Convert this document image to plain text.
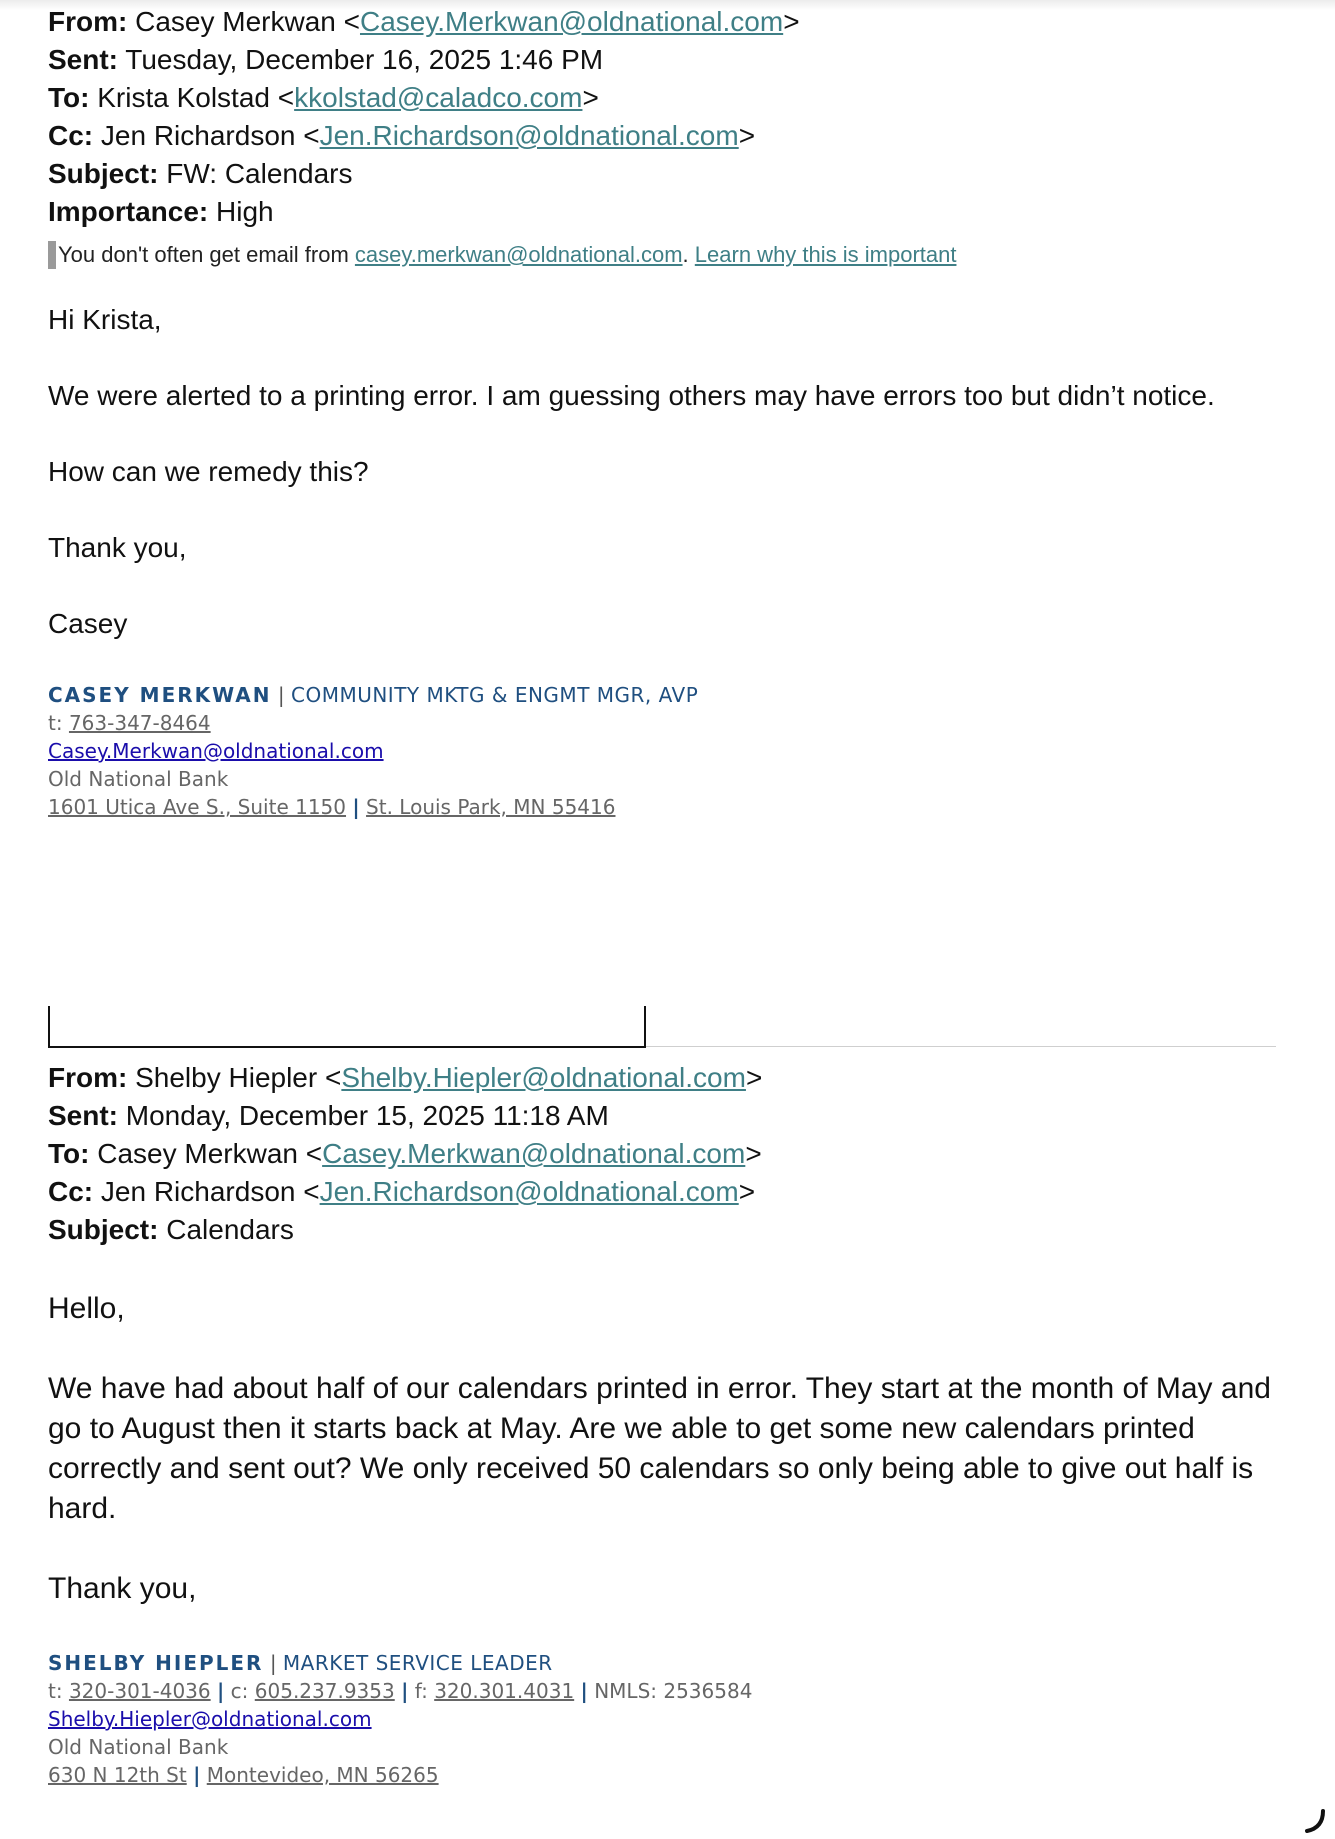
From: Casey Merkwan <Casey.Merkwan@oldnational.com>
Sent: Tuesday, December 16, 2025 1:46 PM
To: Krista Kolstad <kkolstad@caladco.com>
Cc: Jen Richardson <Jen.Richardson@oldnational.com>
Subject: FW: Calendars
Importance: High
You don't often get email from casey.merkwan@oldnational.com. Learn why this is important

Hi Krista,

We were alerted to a printing error. I am guessing others may have errors too but didn’t notice.

How can we remedy this?

Thank you,

Casey

CASEY MERKWAN | COMMUNITY MKTG & ENGMT MGR, AVP
t: 763-347-8464
Casey.Merkwan@oldnational.com
Old National Bank
1601 Utica Ave S., Suite 1150 | St. Louis Park, MN 55416
From: Shelby Hiepler <Shelby.Hiepler@oldnational.com>
Sent: Monday, December 15, 2025 11:18 AM
To: Casey Merkwan <Casey.Merkwan@oldnational.com>
Cc: Jen Richardson <Jen.Richardson@oldnational.com>
Subject: Calendars

Hello,

We have had about half of our calendars printed in error. They start at the month of May and go to August then it starts back at May. Are we able to get some new calendars printed correctly and sent out? We only received 50 calendars so only being able to give out half is hard.

Thank you,

SHELBY HIEPLER | MARKET SERVICE LEADER
t: 320-301-4036 | c: 605.237.9353 | f: 320.301.4031 | NMLS: 2536584
Shelby.Hiepler@oldnational.com
Old National Bank
630 N 12th St | Montevideo, MN 56265
